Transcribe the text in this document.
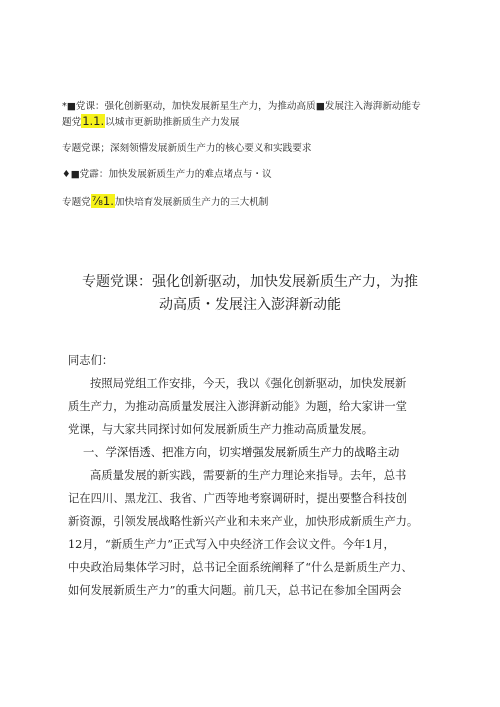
*■党课：强化创新驱动，加快发展新星生产力，为推动高质■发展注入海湃新动能专

题党1.1.以城市更新助推新质生产力发展

专题党课；深刻领懵发展新质生产力的核心要义和实践要求

♦■党霹：加快发展新质生产力的难点堵点与・议

专题党⅞1.加快培育发展新质生产力的三大机制

专题党课：强化创新驱动，加快发展新质生产力，为推
动高质・发展注入澎湃新动能

同志们：

按照局党组工作安排，今天，我以《强化创新驱动，加快发展新
质生产力，为推动高质量发展注入澎湃新动能》为题，给大家讲一堂
党课，与大家共同探讨如何发展新质生产力推动高质量发展。

一、学深悟透、把准方向，切实增强发展新质生产力的战略主动

高质量发展的新实践，需要新的生产力理论来指导。去年，总书
记在四川、黑龙江、我省、广西等地考察调研时，提出要整合科技创
新资源，引领发展战略性新兴产业和未来产业，加快形成新质生产力。
12月，“新质生产力”正式写入中央经济工作会议文件。今年1月，
中央政治局集体学习时，总书记全面系统阐释了“什么是新质生产力、
如何发展新质生产力”的重大问题。前几天，总书记在参加全国两会
